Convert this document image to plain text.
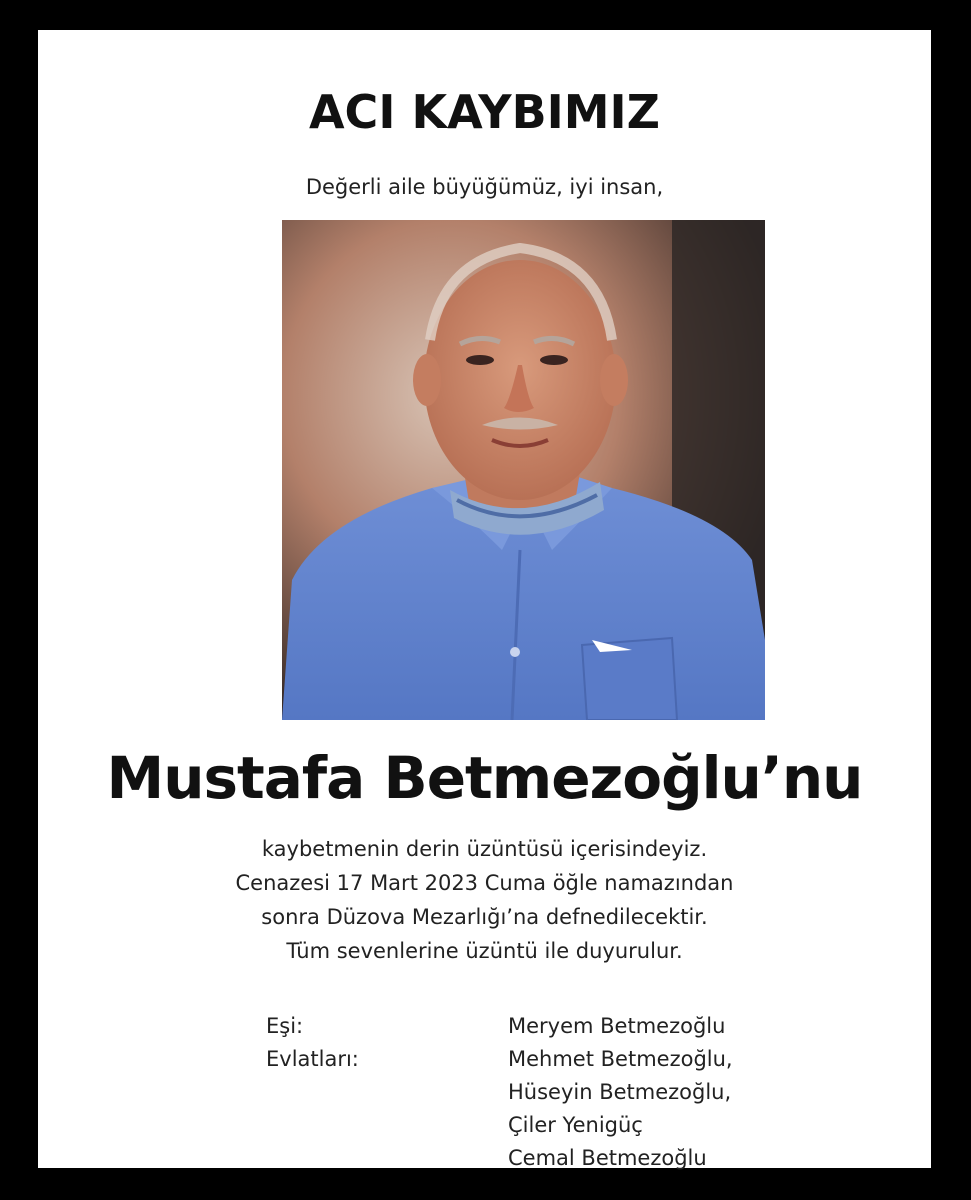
ACI KAYBIMIZ
Değerli aile büyüğümüz, iyi insan,
Mustafa Betmezoğlu’nu
kaybetmenin derin üzüntüsü içerisindeyiz.
Cenazesi 17 Mart 2023 Cuma öğle namazından
sonra Düzova Mezarlığı’na defnedilecektir.
Tüm sevenlerine üzüntü ile duyurulur.
Eşi:	Meryem Betmezoğlu
Evlatları:	Mehmet Betmezoğlu,
Hüseyin Betmezoğlu,
Çiler Yenigüç
Cemal Betmezoğlu
